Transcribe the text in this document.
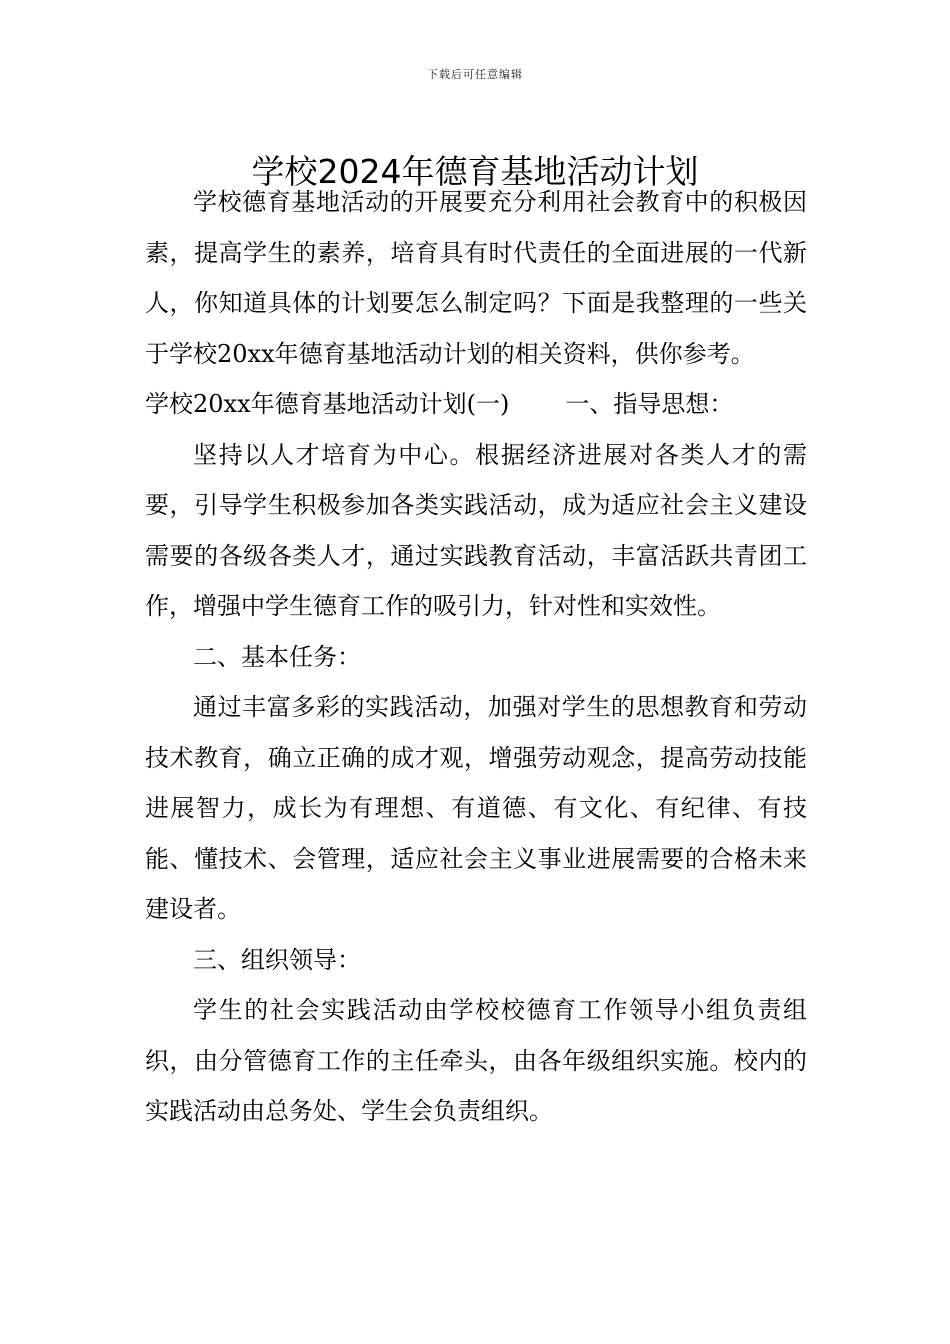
下载后可任意编辑
学校2024年德育基地活动计划

学校德育基地活动的开展要充分利用社会教育中的积极因素，提高学生的素养，培育具有时代责任的全面进展的一代新人，你知道具体的计划要怎么制定吗？下面是我整理的一些关于学校20xx年德育基地活动计划的相关资料，供你参考。

学校20xx年德育基地活动计划(一) 一、指导思想：

坚持以人才培育为中心。根据经济进展对各类人才的需要，引导学生积极参加各类实践活动，成为适应社会主义建设需要的各级各类人才，通过实践教育活动，丰富活跃共青团工作，增强中学生德育工作的吸引力，针对性和实效性。

二、基本任务：

通过丰富多彩的实践活动，加强对学生的思想教育和劳动技术教育，确立正确的成才观，增强劳动观念，提高劳动技能进展智力，成长为有理想、有道德、有文化、有纪律、有技能、懂技术、会管理，适应社会主义事业进展需要的合格未来建设者。

三、组织领导：

学生的社会实践活动由学校校德育工作领导小组负责组织，由分管德育工作的主任牵头，由各年级组织实施。校内的实践活动由总务处、学生会负责组织。
